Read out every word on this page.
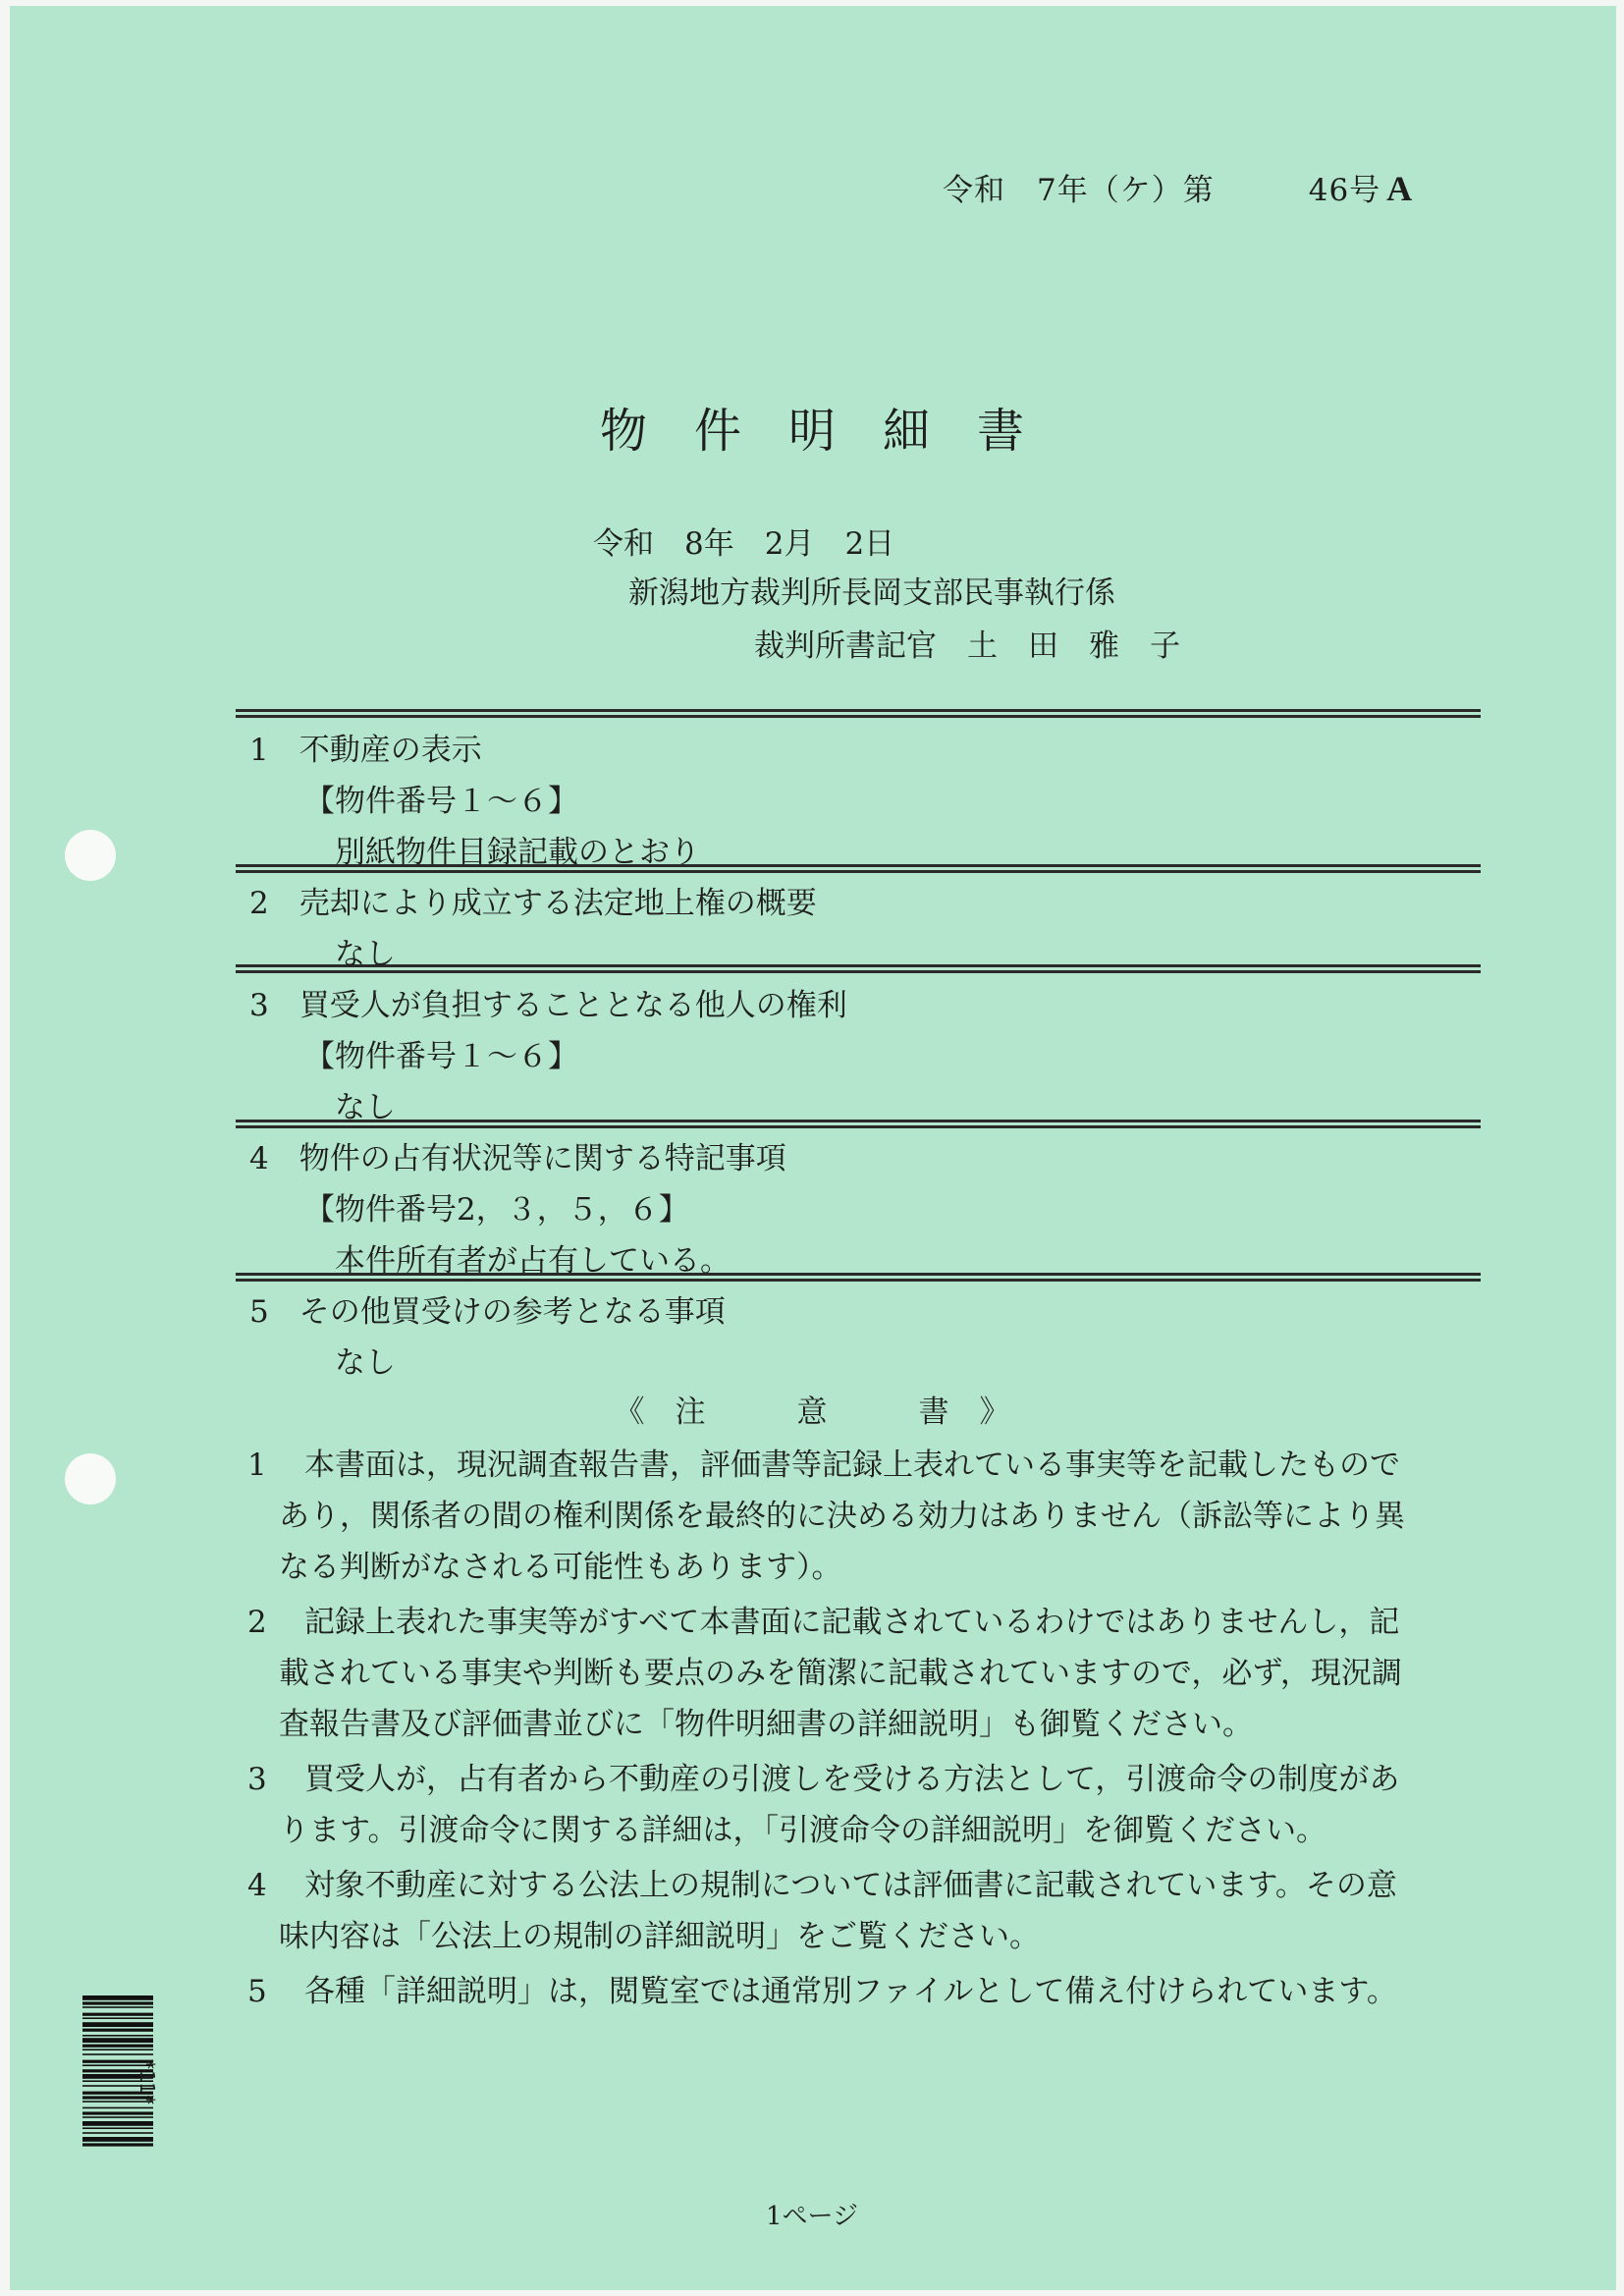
令和　7年（ケ）第　　　46号 A
物件明細書
令和　8年　2月　2日
新潟地方裁判所長岡支部民事執行係
裁判所書記官　土　田　雅　子
1　不動産の表示
【物件番号１～６】
　別紙物件目録記載のとおり
2　売却により成立する法定地上権の概要
　なし
3　買受人が負担することとなる他人の権利
【物件番号１～６】
　なし
4　物件の占有状況等に関する特記事項
【物件番号2，３，５，６】
　本件所有者が占有している。
5　その他買受けの参考となる事項
　なし
《　注　　　意　　　書　》
1 本書面は，現況調査報告書，評価書等記録上表れている事実等を記載したもので
あり，関係者の間の権利関係を最終的に決める効力はありません（訴訟等により異
なる判断がなされる可能性もあります）。
2 記録上表れた事実等がすべて本書面に記載されているわけではありませんし，記
載されている事実や判断も要点のみを簡潔に記載されていますので，必ず，現況調
査報告書及び評価書並びに「物件明細書の詳細説明」も御覧ください。
3 買受人が，占有者から不動産の引渡しを受ける方法として，引渡命令の制度があ
ります。引渡命令に関する詳細は，「引渡命令の詳細説明」を御覧ください。
4 対象不動産に対する公法上の規制については評価書に記載されています。その意
味内容は「公法上の規制の詳細説明」をご覧ください。
5 各種「詳細説明」は，閲覧室では通常別ファイルとして備え付けられています。
*11*
1ページ
